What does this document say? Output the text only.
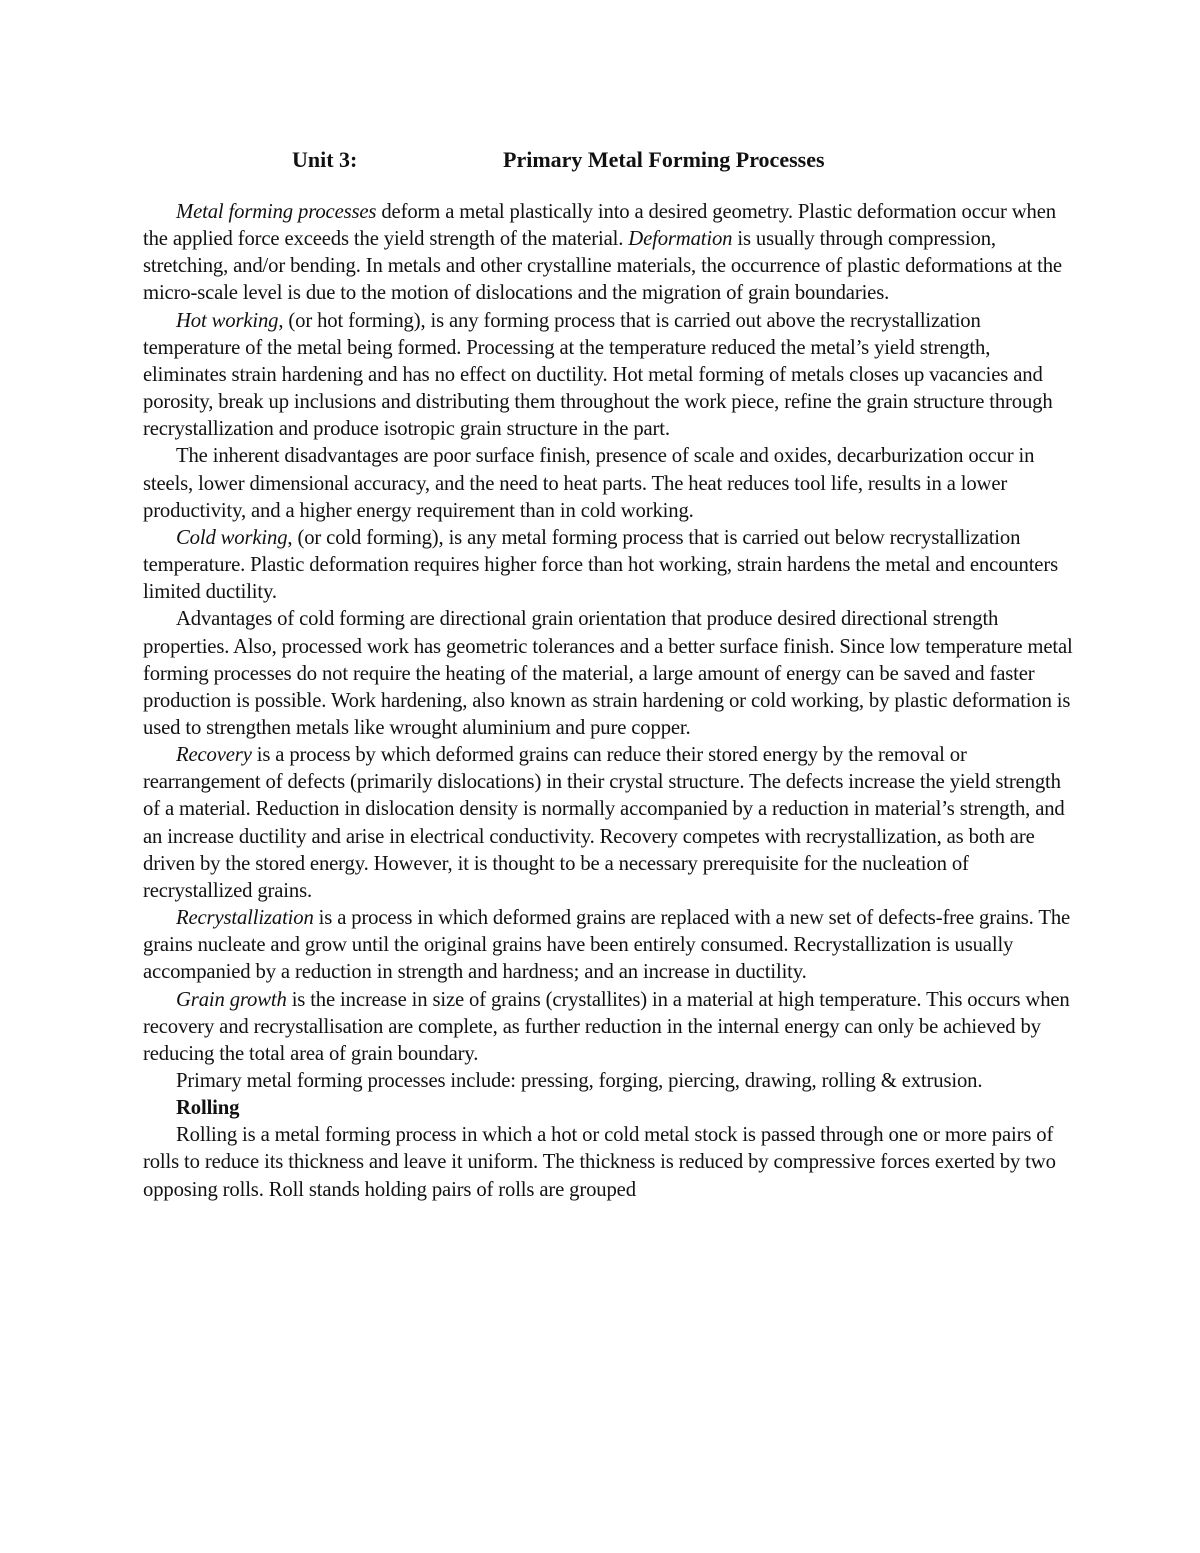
Unit 3:	Primary Metal Forming Processes

Metal forming processes deform a metal plastically into a desired geometry. Plastic deformation occur when the applied force exceeds the yield strength of the material. Deformation is usually through compression, stretching, and/or bending. In metals and other crystalline materials, the occurrence of plastic deformations at the micro-scale level is due to the motion of dislocations and the migration of grain boundaries.

Hot working, (or hot forming), is any forming process that is carried out above the recrystallization temperature of the metal being formed. Processing at the temperature reduced the metal’s yield strength, eliminates strain hardening and has no effect on ductility. Hot metal forming of metals closes up vacancies and porosity, break up inclusions and distributing them throughout the work piece, refine the grain structure through recrystallization and produce isotropic grain structure in the part.

The inherent disadvantages are poor surface finish, presence of scale and oxides, decarburization occur in steels, lower dimensional accuracy, and the need to heat parts. The heat reduces tool life, results in a lower productivity, and a higher energy requirement than in cold working.

Cold working, (or cold forming), is any metal forming process that is carried out below recrystallization temperature. Plastic deformation requires higher force than hot working, strain hardens the metal and encounters limited ductility.

Advantages of cold forming are directional grain orientation that produce desired directional strength properties. Also, processed work has geometric tolerances and a better surface finish. Since low temperature metal forming processes do not require the heating of the material, a large amount of energy can be saved and faster production is possible. Work hardening, also known as strain hardening or cold working, by plastic deformation is used to strengthen metals like wrought aluminium and pure copper.

Recovery is a process by which deformed grains can reduce their stored energy by the removal or rearrangement of defects (primarily dislocations) in their crystal structure. The defects increase the yield strength of a material. Reduction in dislocation density is normally accompanied by a reduction in material’s strength, and an increase ductility and arise in electrical conductivity. Recovery competes with recrystallization, as both are driven by the stored energy. However, it is thought to be a necessary prerequisite for the nucleation of recrystallized grains.

Recrystallization is a process in which deformed grains are replaced with a new set of defects-free grains. The grains nucleate and grow until the original grains have been entirely consumed. Recrystallization is usually accompanied by a reduction in strength and hardness; and an increase in ductility.

Grain growth is the increase in size of grains (crystallites) in a material at high temperature. This occurs when recovery and recrystallisation are complete, as further reduction in the internal energy can only be achieved by reducing the total area of grain boundary.

Primary metal forming processes include: pressing, forging, piercing, drawing, rolling & extrusion.

Rolling

Rolling is a metal forming process in which a hot or cold metal stock is passed through one or more pairs of rolls to reduce its thickness and leave it uniform. The thickness is reduced by compressive forces exerted by two opposing rolls. Roll stands holding pairs of rolls are grouped
